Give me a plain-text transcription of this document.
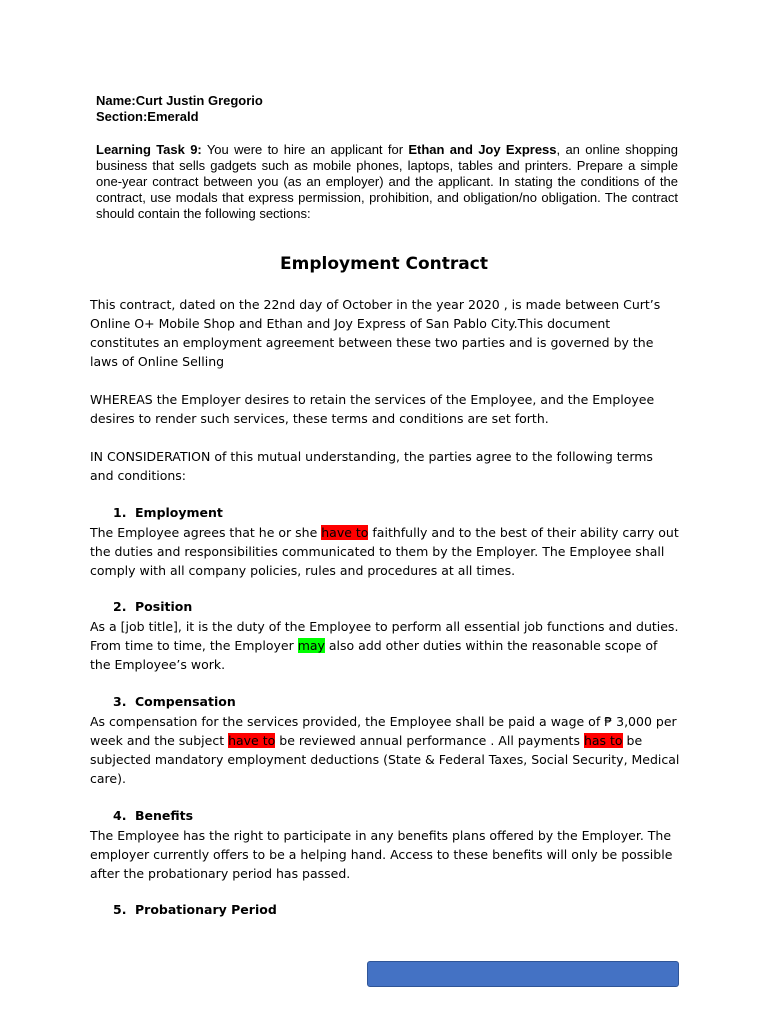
Name:Curt Justin Gregorio
Section:Emerald
Learning Task 9: You were to hire an applicant for Ethan and Joy Express, an online shopping business that sells gadgets such as mobile phones, laptops, tables and printers. Prepare a simple one-year contract between you (as an employer) and the applicant. In stating the conditions of the contract, use modals that express permission, prohibition, and obligation/no obligation. The contract should contain the following sections:
Employment Contract
This contract, dated on the 22nd day of October in the year 2020 , is made between Curt’s Online O+ Mobile Shop and Ethan and Joy Express of San Pablo City.This document constitutes an employment agreement between these two parties and is governed by the laws of Online Selling
WHEREAS the Employer desires to retain the services of the Employee, and the Employee desires to render such services, these terms and conditions are set forth.
IN CONSIDERATION of this mutual understanding, the parties agree to the following terms and conditions:
1. Employment
The Employee agrees that he or she have to faithfully and to the best of their ability carry out the duties and responsibilities communicated to them by the Employer. The Employee shall comply with all company policies, rules and procedures at all times.
2. Position
As a [job title], it is the duty of the Employee to perform all essential job functions and duties. From time to time, the Employer may also add other duties within the reasonable scope of the Employee’s work.
3. Compensation
As compensation for the services provided, the Employee shall be paid a wage of ₱ 3,000 per week and the subject have to be reviewed annual performance . All payments has to be subjected mandatory employment deductions (State & Federal Taxes, Social Security, Medical care).
4. Benefits
The Employee has the right to participate in any benefits plans offered by the Employer. The employer currently offers to be a helping hand. Access to these benefits will only be possible after the probationary period has passed.
5. Probationary Period
